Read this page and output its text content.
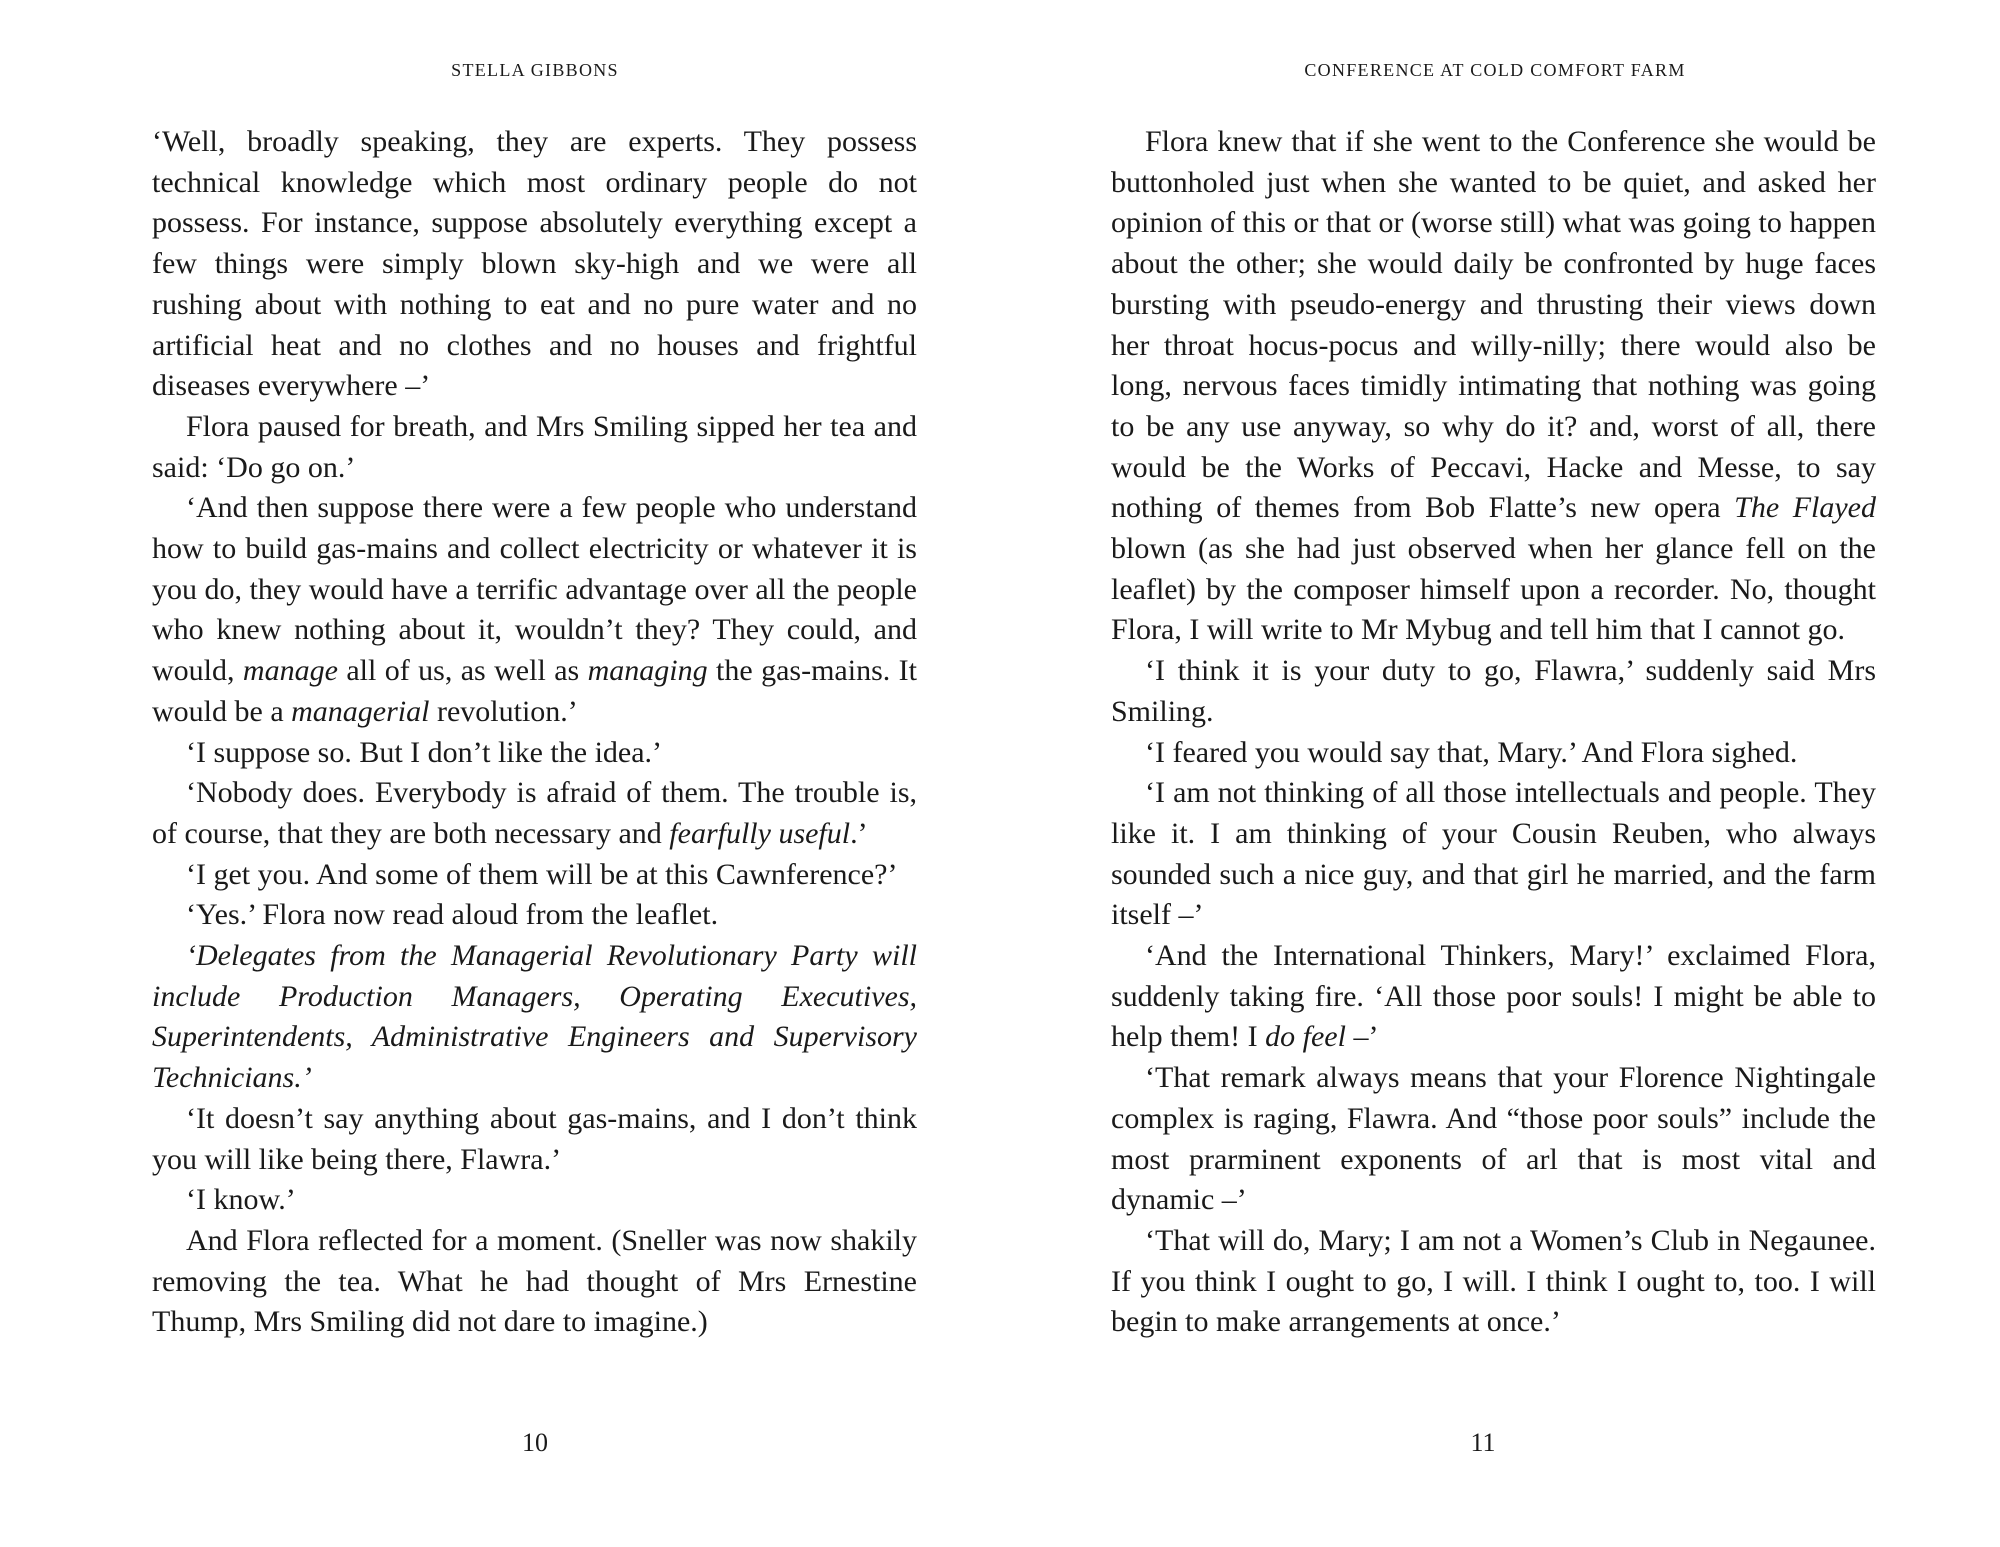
STELLA GIBBONS

‘Well, broadly speaking, they are experts. They possess technical knowledge which most ordinary people do not possess. For instance, suppose absolutely everything except a few things were simply blown sky-high and we were all rushing about with nothing to eat and no pure water and no artificial heat and no clothes and no houses and frightful diseases everywhere –’

Flora paused for breath, and Mrs Smiling sipped her tea and said: ‘Do go on.’

‘And then suppose there were a few people who understand how to build gas-mains and collect electricity or whatever it is you do, they would have a terrific advantage over all the people who knew nothing about it, wouldn’t they? They could, and would, manage all of us, as well as managing the gas-mains. It would be a managerial revolution.’

‘I suppose so. But I don’t like the idea.’

‘Nobody does. Everybody is afraid of them. The trouble is, of course, that they are both necessary and fearfully useful.’

‘I get you. And some of them will be at this Cawnference?’

‘Yes.’ Flora now read aloud from the leaflet.

‘Delegates from the Managerial Revolutionary Party will include Production Managers, Operating Executives, Superintendents, Administrative Engineers and Supervisory Technicians.’

‘It doesn’t say anything about gas-mains, and I don’t think you will like being there, Flawra.’

‘I know.’

And Flora reflected for a moment. (Sneller was now shakily removing the tea. What he had thought of Mrs Ernestine Thump, Mrs Smiling did not dare to imagine.)

10
CONFERENCE AT COLD COMFORT FARM

Flora knew that if she went to the Conference she would be buttonholed just when she wanted to be quiet, and asked her opinion of this or that or (worse still) what was going to happen about the other; she would daily be confronted by huge faces bursting with pseudo-energy and thrusting their views down her throat hocus-pocus and willy-nilly; there would also be long, nervous faces timidly intimating that nothing was going to be any use anyway, so why do it? and, worst of all, there would be the Works of Peccavi, Hacke and Messe, to say nothing of themes from Bob Flatte’s new opera The Flayed blown (as she had just observed when her glance fell on the leaflet) by the composer himself upon a recorder. No, thought Flora, I will write to Mr Mybug and tell him that I cannot go.

‘I think it is your duty to go, Flawra,’ suddenly said Mrs Smiling.

‘I feared you would say that, Mary.’ And Flora sighed.

‘I am not thinking of all those intellectuals and people. They like it. I am thinking of your Cousin Reuben, who always sounded such a nice guy, and that girl he married, and the farm itself –’

‘And the International Thinkers, Mary!’ exclaimed Flora, suddenly taking fire. ‘All those poor souls! I might be able to help them! I do feel –’

‘That remark always means that your Florence Nightingale complex is raging, Flawra. And “those poor souls” include the most prarminent exponents of arl that is most vital and dynamic –’

‘That will do, Mary; I am not a Women’s Club in Negaunee. If you think I ought to go, I will. I think I ought to, too. I will begin to make arrangements at once.’

11
